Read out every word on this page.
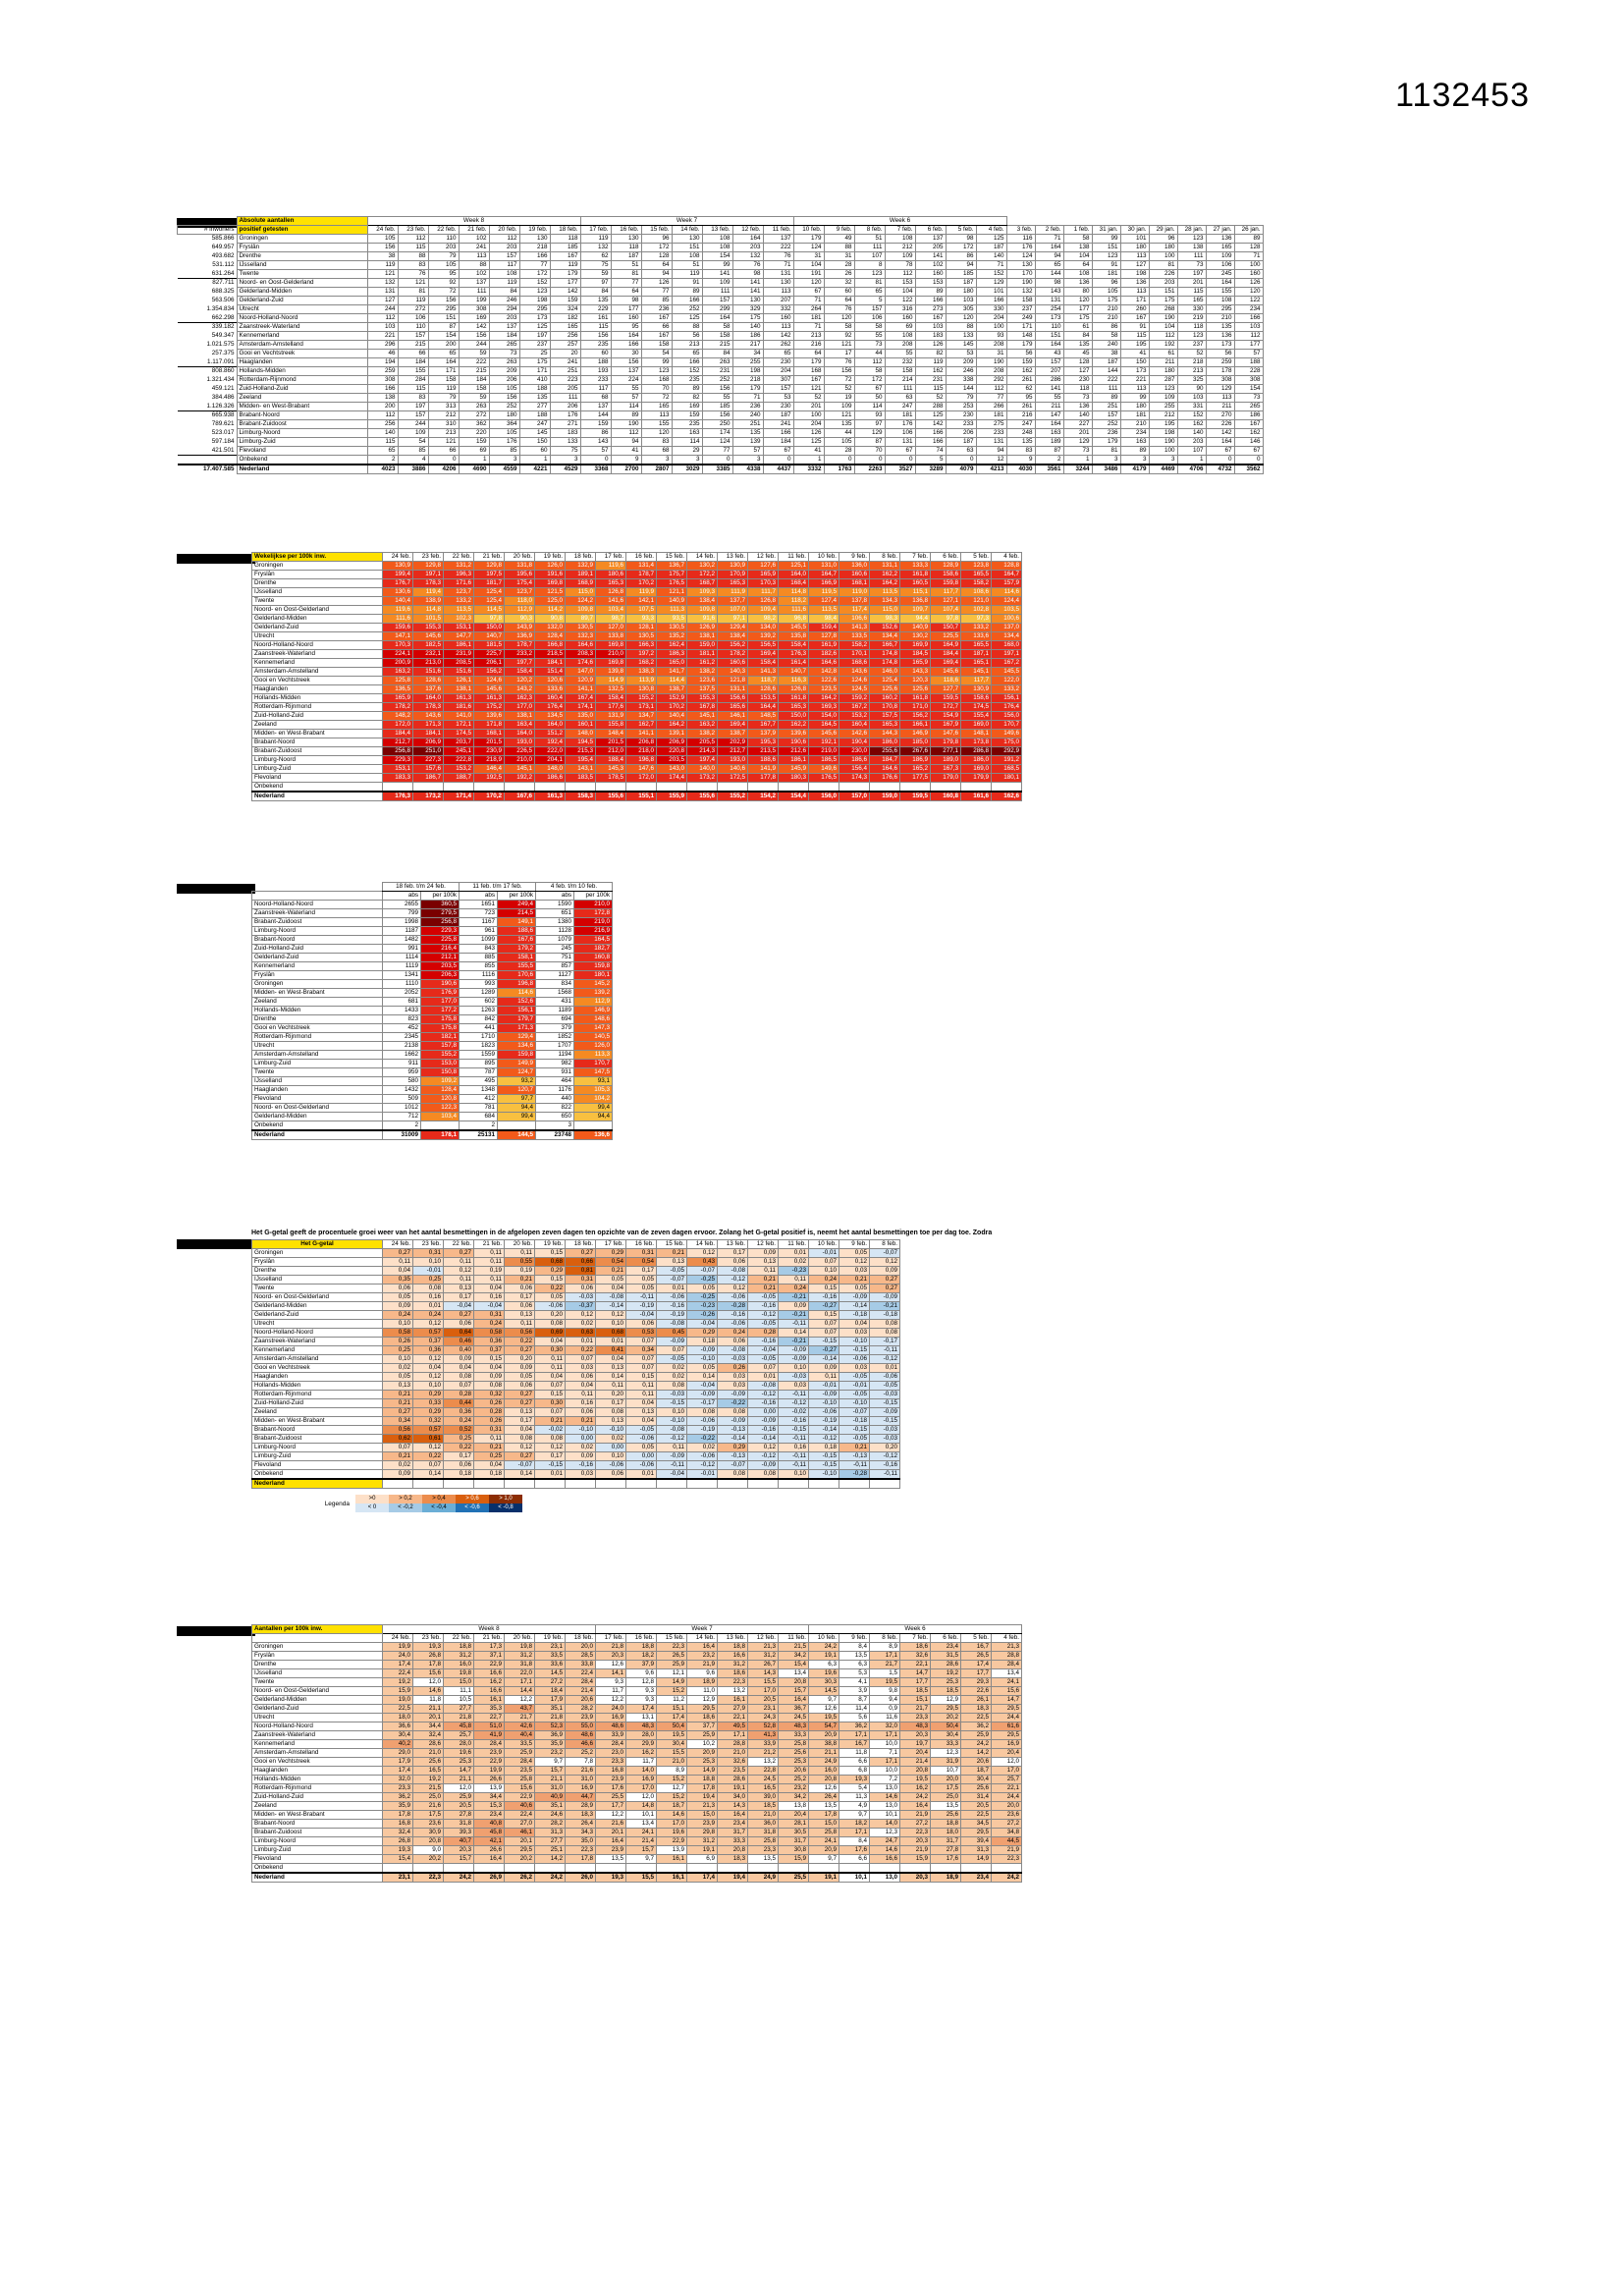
1132453
	Absolute aantallen	Week 8							Week 7							Week 6															
# inwoners	positief getesten	24 feb.	23 feb.	22 feb.	21 feb.	20 feb.	19 feb.	18 feb.	17 feb.	16 feb.	15 feb.	14 feb.	13 feb.	12 feb.	11 feb.	10 feb.	9 feb.	8 feb.	7 feb.	6 feb.	5 feb.	4 feb.	3 feb.	2 feb.	1 feb.	31 jan.	30 jan.	29 jan.	28 jan.	27 jan.	26 jan.
585.866	Groningen	105	112	110	102	112	130	118	119	130	96	130	108	164	137	179	49	51	108	137	98	125	116	71	58	99	101	96	123	136	89
649.957	Fryslân	156	115	203	241	203	218	185	132	118	172	151	108	203	222	124	88	111	212	205	172	187	176	164	138	151	180	180	138	165	128
493.682	Drenthe	38	88	79	113	157	166	167	62	187	128	108	154	132	76	31	31	107	109	141	86	140	124	94	104	123	113	100	111	109	71
531.112	IJsselland	119	83	105	88	117	77	119	75	51	64	51	99	76	71	104	28	8	78	102	94	71	130	65	64	91	127	81	73	106	100
631.264	Twente	121	76	95	102	108	172	179	59	81	94	119	141	98	131	191	26	123	112	160	185	152	170	144	108	181	198	226	197	245	160
827.711	Noord- en Oost-Gelderland	132	121	92	137	119	152	177	97	77	126	91	109	141	130	120	32	81	153	153	187	129	190	98	136	96	136	203	201	164	126
688.325	Gelderland-Midden	131	81	72	111	84	123	142	84	64	77	89	111	141	113	67	60	65	104	89	180	101	132	143	80	105	113	151	115	155	120
563.506	Gelderland-Zuid	127	119	156	199	246	198	159	135	98	85	166	157	130	207	71	64	5	122	166	103	166	158	131	120	175	171	175	165	108	122
1.354.834	Utrecht	244	272	295	308	294	295	324	229	177	236	252	299	329	332	264	76	157	316	273	305	330	237	254	177	210	260	268	330	295	234
662.298	Noord-Holland-Noord	112	106	151	169	203	173	182	161	160	167	125	164	175	160	181	120	106	160	167	120	204	249	173	175	210	167	190	219	210	166
339.182	Zaanstreek-Waterland	103	110	87	142	137	125	165	115	95	66	88	58	140	113	71	58	58	69	103	88	100	171	110	61	86	91	104	118	135	103
549.347	Kennemerland	221	157	154	156	184	197	256	156	164	167	56	158	186	142	213	92	55	108	183	133	93	148	151	84	58	115	112	123	136	112
1.021.575	Amsterdam-Amstelland	296	215	200	244	265	237	257	235	166	158	213	215	217	262	216	121	73	208	126	145	208	179	164	135	240	195	192	237	173	177
257.375	Gooi en Vechtstreek	46	66	65	59	73	25	20	60	30	54	65	84	34	65	64	17	44	55	82	53	31	56	43	45	38	41	61	52	56	57
1.117.091	Haaglanden	194	184	164	222	263	175	241	188	156	99	166	263	255	230	179	76	112	232	119	209	190	159	157	128	187	150	211	218	259	188
808.860	Hollands-Midden	259	155	171	215	209	171	251	193	137	123	152	231	198	204	168	156	58	158	162	246	208	162	207	127	144	173	180	213	178	228
1.321.434	Rotterdam-Rijnmond	308	284	158	184	206	410	223	233	224	168	235	252	218	307	167	72	172	214	231	338	292	261	286	230	222	221	287	325	308	308
459.121	Zuid-Holland-Zuid	166	115	119	158	105	188	205	117	55	70	89	156	179	157	121	52	67	111	115	144	112	62	141	118	111	113	123	90	129	154
384.486	Zeeland	138	83	79	59	156	135	111	68	57	72	82	55	71	53	52	19	50	63	52	79	77	95	55	73	89	99	109	103	113	73
1.126.326	Midden- en West-Brabant	200	197	313	263	252	277	206	137	114	165	169	185	236	230	201	109	114	247	288	253	266	261	211	136	251	180	255	331	211	265
665.938	Brabant-Noord	112	157	212	272	180	188	176	144	89	113	159	156	240	187	100	121	93	181	125	230	181	216	147	140	157	181	212	152	270	186
789.621	Brabant-Zuidoost	256	244	310	362	364	247	271	159	190	155	235	250	251	241	204	135	97	176	142	233	275	247	164	227	252	210	195	162	226	167
523.017	Limburg-Noord	140	109	213	220	105	145	183	86	112	120	163	174	135	166	126	44	129	106	166	206	233	248	163	201	236	234	198	140	142	162
597.184	Limburg-Zuid	115	54	121	159	176	150	133	143	94	83	114	124	139	184	125	105	87	131	166	187	131	135	189	129	179	163	190	203	164	146
421.501	Flevoland	65	85	66	69	85	60	75	57	41	68	29	77	57	67	41	28	70	67	74	63	94	83	87	73	81	89	100	107	67	67
	Onbekend	2	4	0	1	3	1	3	0	9	3	3	0	3	0	1	0	0	0	5	0	12	9	2	1	3	3	3	1	0	0
17.407.585	Nederland	4023	3886	4206	4690	4559	4221	4529	3368	2700	2807	3029	3385	4338	4437	3332	1763	2263	3527	3289	4079	4213	4030	3561	3244	3486	4179	4469	4706	4732	3562
Wekelijkse per 100k inw.	24 feb.	23 feb.	22 feb.	21 feb.	20 feb.	19 feb.	18 feb.	17 feb.	16 feb.	15 feb.	14 feb.	13 feb.	12 feb.	11 feb.	10 feb.	9 feb.	8 feb.	7 feb.	6 feb.	5 feb.	4 feb.
Groningen	130,9	129,8	131,2	129,8	131,8	126,0	132,9	119,6	131,4	136,7	130,2	130,9	127,6	125,1	131,0	136,0	131,1	133,3	128,9	123,8	128,8
Fryslân	199,4	197,1	196,3	197,5	195,6	191,6	189,1	180,6	178,7	175,7	172,2	170,9	165,9	164,0	164,7	160,6	162,2	161,8	158,6	165,5	164,7
Drenthe	176,7	178,3	171,6	181,7	175,4	169,8	168,9	165,3	170,2	176,5	168,7	165,3	170,3	168,4	166,9	168,1	164,2	160,5	159,8	158,2	157,9
IJsselland	130,6	119,4	123,7	125,4	123,7	121,5	115,0	126,8	119,9	121,1	109,3	111,9	111,7	114,8	119,5	119,0	113,5	115,1	117,7	108,6	114,6
Twente	140,4	138,9	133,2	125,4	118,0	125,0	124,2	141,6	142,1	140,9	138,4	137,7	126,8	118,2	127,4	137,8	134,3	136,8	127,1	121,0	124,4
Noord- en Oost-Gelderland	119,6	114,8	113,5	114,5	112,9	114,2	109,8	103,4	107,5	111,3	109,8	107,0	109,4	111,6	113,5	117,4	115,0	109,7	107,4	102,8	103,5
Gelderland-Midden	111,6	101,5	102,3	97,8	90,3	90,8	89,7	98,7	93,3	93,5	91,6	97,1	98,2	96,8	98,4	106,6	98,3	94,4	97,8	97,3	100,6
Gelderland-Zuid	159,6	155,3	153,1	150,0	143,9	132,0	130,5	127,0	128,1	130,5	126,9	129,4	134,0	145,5	159,4	141,3	152,6	140,9	150,7	133,2	137,0
Utrecht	147,1	145,6	147,7	140,7	136,9	128,4	132,3	133,8	130,5	135,2	138,1	138,4	139,2	135,8	127,8	133,5	134,4	130,2	125,5	133,6	134,4
Noord-Holland-Noord	170,3	182,5	186,1	181,5	178,7	166,8	164,6	169,8	166,3	162,4	159,0	156,2	156,5	158,4	161,9	158,2	166,7	169,9	164,9	165,5	168,0
Zaanstreek-Waterland	224,1	232,1	231,9	225,7	233,2	218,5	208,3	210,0	197,2	186,3	181,1	178,2	169,4	176,3	182,6	170,1	174,8	184,5	184,4	187,1	197,1
Kennemerland	200,9	213,0	208,5	206,1	197,7	184,1	174,6	169,8	168,2	165,0	161,2	160,6	158,4	161,4	164,6	168,6	174,8	165,9	169,4	165,1	167,2
Amsterdam-Amstelland	163,2	151,6	151,6	156,2	158,4	151,4	147,0	139,8	138,3	141,7	138,2	140,3	141,3	140,7	142,8	143,6	146,0	143,3	145,6	145,1	145,5
Gooi en Vechtstreek	125,8	128,6	126,1	124,6	120,2	120,6	120,9	114,9	113,9	114,4	123,6	121,8	118,7	116,3	122,6	124,6	125,4	120,3	118,6	117,7	122,0
Haaglanden	136,5	137,6	138,1	145,6	143,2	133,6	141,1	132,5	130,8	138,7	137,5	131,1	128,6	126,8	123,5	124,5	125,6	125,6	127,7	130,9	133,2
Hollands-Midden	165,9	164,0	161,3	161,3	162,3	160,4	167,4	158,4	155,2	152,9	155,3	156,6	153,5	161,8	164,2	159,2	160,2	161,8	159,5	158,6	156,1
Rotterdam-Rijnmond	178,2	178,3	181,6	175,2	177,0	176,4	174,1	177,6	173,1	170,2	167,8	165,6	164,4	165,3	169,3	167,2	170,8	171,0	172,7	174,5	176,4
Zuid-Holland-Zuid	148,2	143,6	141,0	139,6	138,1	134,5	135,0	131,9	134,7	140,4	145,1	146,1	148,5	150,0	154,0	153,2	157,5	156,2	154,9	155,4	156,0
Zeeland	172,0	171,3	172,1	171,8	163,4	164,0	160,1	155,8	162,7	164,2	163,2	169,4	167,7	162,2	164,5	160,4	165,3	166,1	167,9	169,0	170,7
Midden- en West-Brabant	184,4	184,1	174,5	168,1	164,0	151,2	148,0	148,4	141,1	139,1	138,2	138,7	137,9	139,6	145,6	142,6	144,3	146,9	147,6	148,1	149,6
Brabant-Noord	212,7	206,9	203,7	201,5	193,0	192,4	194,5	201,5	206,8	206,9	205,5	202,9	195,3	190,6	192,1	190,4	186,0	185,0	179,8	173,8	175,0
Brabant-Zuidoost	256,8	251,0	245,1	230,9	226,5	222,0	215,3	212,0	218,0	220,8	214,3	212,7	213,5	212,6	219,0	230,0	255,6	267,6	277,1	286,8	292,9
Limburg-Noord	229,3	227,3	222,8	218,9	210,0	204,1	195,4	188,4	196,8	203,5	197,4	193,0	188,6	186,1	186,5	186,6	184,7	186,9	189,0	186,0	191,2
Limburg-Zuid	153,1	157,6	153,2	146,4	145,1	148,0	143,1	145,3	147,6	143,0	140,0	140,6	141,9	145,9	149,6	156,4	164,6	165,2	167,3	169,0	168,5
Flevoland	183,3	186,7	188,7	192,5	192,2	186,6	183,5	178,5	172,0	174,4	173,2	172,5	177,8	180,3	176,5	174,3	176,6	177,5	179,0	179,9	180,1
Onbekend																					
Nederland	176,3	173,2	171,4	170,2	167,6	161,3	158,3	155,6	155,1	155,9	155,6	155,2	154,2	154,4	156,0	157,0	159,0	159,5	160,8	161,6	162,6
	18 feb. t/m 24 feb.		11 feb. t/m 17 feb.		4 feb. t/m 10 feb.	
	abs	per 100k	abs	per 100k	abs	per 100k
Noord-Holland-Noord	2655	360,5	1651	249,4	1590	210,0
Zaanstreek-Waterland	799	279,5	723	214,5	651	172,8
Brabant-Zuidoost	1998	256,8	1167	149,1	1380	219,0
Limburg-Noord	1187	229,3	961	188,6	1128	216,9
Brabant-Noord	1482	225,8	1099	167,6	1079	164,5
Zuid-Holland-Zuid	991	216,4	843	179,2	245	182,7
Gelderland-Zuid	1114	212,1	885	158,1	751	160,8
Kennemerland	1119	203,5	855	155,5	857	159,8
Fryslân	1341	206,3	1116	170,6	1127	180,1
Groningen	1110	190,6	993	196,8	834	145,2
Midden- en West-Brabant	2052	176,9	1289	114,6	1568	139,2
Zeeland	681	177,0	602	152,6	431	112,9
Hollands-Midden	1433	177,2	1263	156,1	1189	146,9
Drenthe	823	175,8	842	179,7	694	148,6
Gooi en Vechtstreek	452	175,8	441	171,3	379	147,3
Rotterdam-Rijnmond	2345	182,1	1710	129,4	1852	140,5
Utrecht	2138	157,8	1823	134,6	1707	126,0
Amsterdam-Amstelland	1662	155,2	1559	159,8	1194	113,3
Limburg-Zuid	911	153,0	895	149,9	982	170,7
Twente	959	150,8	787	124,7	931	147,5
IJsselland	580	109,2	495	93,2	464	93,1
Haaglanden	1432	128,4	1348	120,7	1176	105,3
Flevoland	509	120,8	412	97,7	440	104,2
Noord- en Oost-Gelderland	1012	122,3	781	94,4	822	99,4
Gelderland-Midden	712	103,4	684	99,4	650	94,4
Onbekend	2		2		3	
Nederland	31009	178,1	25131	144,5	23748	136,6
Het G-getal geeft de procentuele groei weer van het aantal besmettingen in de afgelopen zeven dagen ten opzichte van de zeven dagen ervoor. Zolang het G-getal positief is, neemt het aantal besmettingen toe per dag toe. Zodra
Het G-getal	24 feb.	23 feb.	22 feb.	21 feb.	20 feb.	19 feb.	18 feb.	17 feb.	16 feb.	15 feb.	14 feb.	13 feb.	12 feb.	11 feb.	10 feb.	9 feb.	8 feb.
Groningen	0,27	0,31	0,27	0,11	0,11	0,15	0,27	0,29	0,31	0,21	0,12	0,17	0,09	0,01	-0,01	0,05	-0,07
Fryslân	0,11	0,10	0,11	0,11	0,55	0,68	0,66	0,54	0,54	0,13	0,43	0,06	0,13	0,02	0,07	0,12	0,12
Drenthe	0,04	-0,01	0,12	0,19	0,19	0,29	0,81	0,21	0,17	-0,05	-0,07	-0,08	0,11	-0,23	0,10	0,03	0,09
IJsselland	0,35	0,25	0,11	0,11	0,21	0,15	0,31	0,05	0,05	-0,07	-0,25	-0,12	0,21	0,11	0,24	0,21	0,27
Twente	0,06	0,08	0,13	0,04	0,06	0,22	0,06	0,04	0,05	0,01	0,05	0,12	0,21	0,24	0,15	0,05	0,27
Noord- en Oost-Gelderland	0,05	0,16	0,17	0,16	0,17	0,05	-0,03	-0,08	-0,11	-0,06	-0,25	-0,06	-0,05	-0,21	-0,16	-0,09	-0,09
Gelderland-Midden	0,09	0,01	-0,04	-0,04	0,06	-0,06	-0,37	-0,14	-0,19	-0,16	-0,23	-0,28	-0,16	0,09	-0,27	-0,14	-0,21
Gelderland-Zuid	0,24	0,24	0,27	0,31	0,13	0,20	0,12	0,12	-0,04	-0,19	-0,26	-0,16	-0,12	-0,21	0,15	-0,18	-0,18
Utrecht	0,10	0,12	0,06	0,24	0,11	0,08	0,02	0,10	0,06	-0,08	-0,04	-0,06	-0,05	-0,11	0,07	0,04	0,08
Noord-Holland-Noord	0,58	0,57	0,64	0,58	0,56	0,69	0,63	0,68	0,53	0,45	0,29	0,24	0,28	0,14	0,07	0,03	0,08
Zaanstreek-Waterland	0,26	0,37	0,46	0,36	0,22	0,04	0,01	0,01	0,07	-0,09	0,18	0,06	-0,16	-0,21	-0,15	-0,10	-0,17
Kennemerland	0,25	0,36	0,40	0,37	0,27	0,30	0,22	0,41	0,34	0,07	-0,09	-0,08	-0,04	-0,09	-0,27	-0,15	-0,11
Amsterdam-Amstelland	0,10	0,12	0,09	0,15	0,20	0,11	0,07	0,04	0,07	-0,05	-0,10	-0,03	-0,05	-0,09	-0,14	-0,06	-0,12
Gooi en Vechtstreek	0,02	0,04	0,04	0,04	0,09	0,11	0,03	0,13	0,07	0,02	0,05	0,26	0,07	0,10	0,09	0,03	0,01
Haaglanden	0,05	0,12	0,08	0,09	0,05	0,04	0,06	0,14	0,15	0,02	0,14	0,03	0,01	-0,03	0,11	-0,05	-0,06
Hollands-Midden	0,13	0,10	0,07	0,08	0,06	0,07	0,04	0,11	0,11	0,08	-0,04	0,03	-0,08	0,03	-0,01	-0,01	-0,05
Rotterdam-Rijnmond	0,21	0,29	0,28	0,32	0,27	0,15	0,11	0,20	0,11	-0,03	-0,09	-0,09	-0,12	-0,11	-0,09	-0,05	-0,03
Zuid-Holland-Zuid	0,21	0,33	0,44	0,26	0,27	0,30	0,16	0,17	0,04	-0,15	-0,17	-0,22	-0,16	-0,12	-0,10	-0,10	-0,15
Zeeland	0,27	0,29	0,36	0,28	0,13	0,07	0,06	0,08	0,13	0,10	0,08	0,08	0,00	-0,02	-0,06	-0,07	-0,09
Midden- en West-Brabant	0,34	0,32	0,24	0,26	0,17	0,21	0,21	0,13	0,04	-0,10	-0,06	-0,09	-0,09	-0,16	-0,19	-0,18	-0,15
Brabant-Noord	0,56	0,57	0,52	0,31	0,04	-0,02	-0,10	-0,10	-0,05	-0,08	-0,19	-0,13	-0,16	-0,15	-0,14	-0,15	-0,03
Brabant-Zuidoost	0,62	0,61	0,25	0,11	0,08	0,08	0,00	0,02	-0,06	-0,12	-0,22	-0,14	-0,14	-0,11	-0,12	-0,05	-0,03
Limburg-Noord	0,07	0,12	0,22	0,21	0,12	0,12	0,02	0,00	0,05	0,11	0,02	0,29	0,12	0,16	0,18	0,21	0,20
Limburg-Zuid	0,21	0,22	0,17	0,25	0,27	0,17	0,09	0,10	0,00	-0,09	-0,06	-0,13	-0,12	-0,11	-0,15	-0,13	-0,12
Flevoland	0,02	0,07	0,06	0,04	-0,07	-0,15	-0,16	-0,06	-0,06	-0,11	-0,12	-0,07	-0,09	-0,11	-0,15	-0,11	-0,16
Onbekend	0,09	0,14	0,18	0,18	0,14	0,01	0,03	0,06	0,01	-0,04	-0,01	0,08	0,08	0,10	-0,10	-0,28	-0,11
Nederland																	
Legenda
>0	> 0,2	> 0,4	> 0,6	> 1,0
< 0	< -0,2	< -0,4	< -0,6	< -0,8
Aantallen per 100k inw.	Week 8							Week 7							Week 6						
	24 feb.	23 feb.	22 feb.	21 feb.	20 feb.	19 feb.	18 feb.	17 feb.	16 feb.	15 feb.	14 feb.	13 feb.	12 feb.	11 feb.	10 feb.	9 feb.	8 feb.	7 feb.	6 feb.	5 feb.	4 feb.
Groningen	19,9	19,3	18,8	17,3	19,8	23,1	20,0	21,8	18,8	22,3	16,4	18,8	21,3	21,5	24,2	8,4	8,9	18,6	23,4	16,7	21,3
Fryslân	24,0	26,8	31,2	37,1	31,2	33,5	28,5	20,3	18,2	26,5	23,2	16,6	31,2	34,2	19,1	13,5	17,1	32,6	31,5	26,5	28,8
Drenthe	17,4	17,8	16,0	22,9	31,8	33,6	33,8	12,6	37,9	25,9	21,9	31,2	26,7	15,4	6,3	6,3	21,7	22,1	28,6	17,4	28,4
IJsselland	22,4	15,6	19,8	16,6	22,0	14,5	22,4	14,1	9,6	12,1	9,6	18,6	14,3	13,4	19,6	5,3	1,5	14,7	19,2	17,7	13,4
Twente	19,2	12,0	15,0	16,2	17,1	27,2	28,4	9,3	12,8	14,9	18,9	22,3	15,5	20,8	30,3	4,1	19,5	17,7	25,3	29,3	24,1
Noord- en Oost-Gelderland	15,9	14,6	11,1	16,6	14,4	18,4	21,4	11,7	9,3	15,2	11,0	13,2	17,0	15,7	14,5	3,9	9,8	18,5	18,5	22,6	15,6
Gelderland-Midden	19,0	11,8	10,5	16,1	12,2	17,9	20,6	12,2	9,3	11,2	12,9	16,1	20,5	16,4	9,7	8,7	9,4	15,1	12,9	26,1	14,7
Gelderland-Zuid	22,5	21,1	27,7	35,3	43,7	35,1	28,2	24,0	17,4	15,1	29,5	27,9	23,1	36,7	12,6	11,4	0,9	21,7	29,5	18,3	29,5
Utrecht	18,0	20,1	21,8	22,7	21,7	21,8	23,9	16,9	13,1	17,4	18,6	22,1	24,3	24,5	19,5	5,6	11,6	23,3	20,2	22,5	24,4
Noord-Holland-Noord	36,6	34,4	45,8	51,0	42,6	52,3	55,0	48,6	48,3	50,4	37,7	49,5	52,8	48,3	54,7	36,2	32,0	48,3	50,4	36,2	61,6
Zaanstreek-Waterland	30,4	32,4	25,7	41,9	40,4	36,9	48,6	33,9	28,0	19,5	25,9	17,1	41,3	33,3	20,9	17,1	17,1	20,3	30,4	25,9	29,5
Kennemerland	40,2	28,6	28,0	28,4	33,5	35,9	46,6	28,4	29,9	30,4	10,2	28,8	33,9	25,8	38,8	16,7	10,0	19,7	33,3	24,2	16,9
Amsterdam-Amstelland	29,0	21,0	19,6	23,9	25,9	23,2	25,2	23,0	16,2	15,5	20,9	21,0	21,2	25,6	21,1	11,8	7,1	20,4	12,3	14,2	20,4
Gooi en Vechtstreek	17,9	25,6	25,3	22,9	28,4	9,7	7,8	23,3	11,7	21,0	25,3	32,6	13,2	25,3	24,9	6,6	17,1	21,4	31,9	20,6	12,0
Haaglanden	17,4	16,5	14,7	19,9	23,5	15,7	21,6	16,8	14,0	8,9	14,9	23,5	22,8	20,6	16,0	6,8	10,0	20,8	10,7	18,7	17,0
Hollands-Midden	32,0	19,2	21,1	26,6	25,8	21,1	31,0	23,9	16,9	15,2	18,8	28,6	24,5	25,2	20,8	19,3	7,2	19,5	20,0	30,4	25,7
Rotterdam-Rijnmond	23,3	21,5	12,0	13,9	15,6	31,0	16,9	17,6	17,0	12,7	17,8	19,1	16,5	23,2	12,6	5,4	13,0	16,2	17,5	25,6	22,1
Zuid-Holland-Zuid	36,2	25,0	25,9	34,4	22,9	40,9	44,7	25,5	12,0	15,2	19,4	34,0	39,0	34,2	26,4	11,3	14,6	24,2	25,0	31,4	24,4
Zeeland	35,9	21,6	20,5	15,3	40,6	35,1	28,9	17,7	14,8	18,7	21,3	14,3	18,5	13,8	13,5	4,9	13,0	16,4	13,5	20,5	20,0
Midden- en West-Brabant	17,8	17,5	27,8	23,4	22,4	24,6	18,3	12,2	10,1	14,6	15,0	16,4	21,0	20,4	17,8	9,7	10,1	21,9	25,6	22,5	23,6
Brabant-Noord	16,8	23,6	31,8	40,8	27,0	28,2	26,4	21,6	13,4	17,0	23,9	23,4	36,0	28,1	15,0	18,2	14,0	27,2	18,8	34,5	27,2
Brabant-Zuidoost	32,4	30,9	39,3	45,8	46,1	31,3	34,3	20,1	24,1	19,6	29,8	31,7	31,8	30,5	25,8	17,1	12,3	22,3	18,0	29,5	34,8
Limburg-Noord	26,8	20,8	40,7	42,1	20,1	27,7	35,0	16,4	21,4	22,9	31,2	33,3	25,8	31,7	24,1	8,4	24,7	20,3	31,7	39,4	44,5
Limburg-Zuid	19,3	9,0	20,3	26,6	29,5	25,1	22,3	23,9	15,7	13,9	19,1	20,8	23,3	30,8	20,9	17,6	14,6	21,9	27,8	31,3	21,9
Flevoland	15,4	20,2	15,7	16,4	20,2	14,2	17,8	13,5	9,7	16,1	6,9	18,3	13,5	15,9	9,7	6,6	16,6	15,9	17,6	14,9	22,3
Onbekend																					
Nederland	23,1	22,3	24,2	26,9	26,2	24,2	26,0	19,3	15,5	16,1	17,4	19,4	24,9	25,5	19,1	10,1	13,0	20,3	18,9	23,4	24,2
